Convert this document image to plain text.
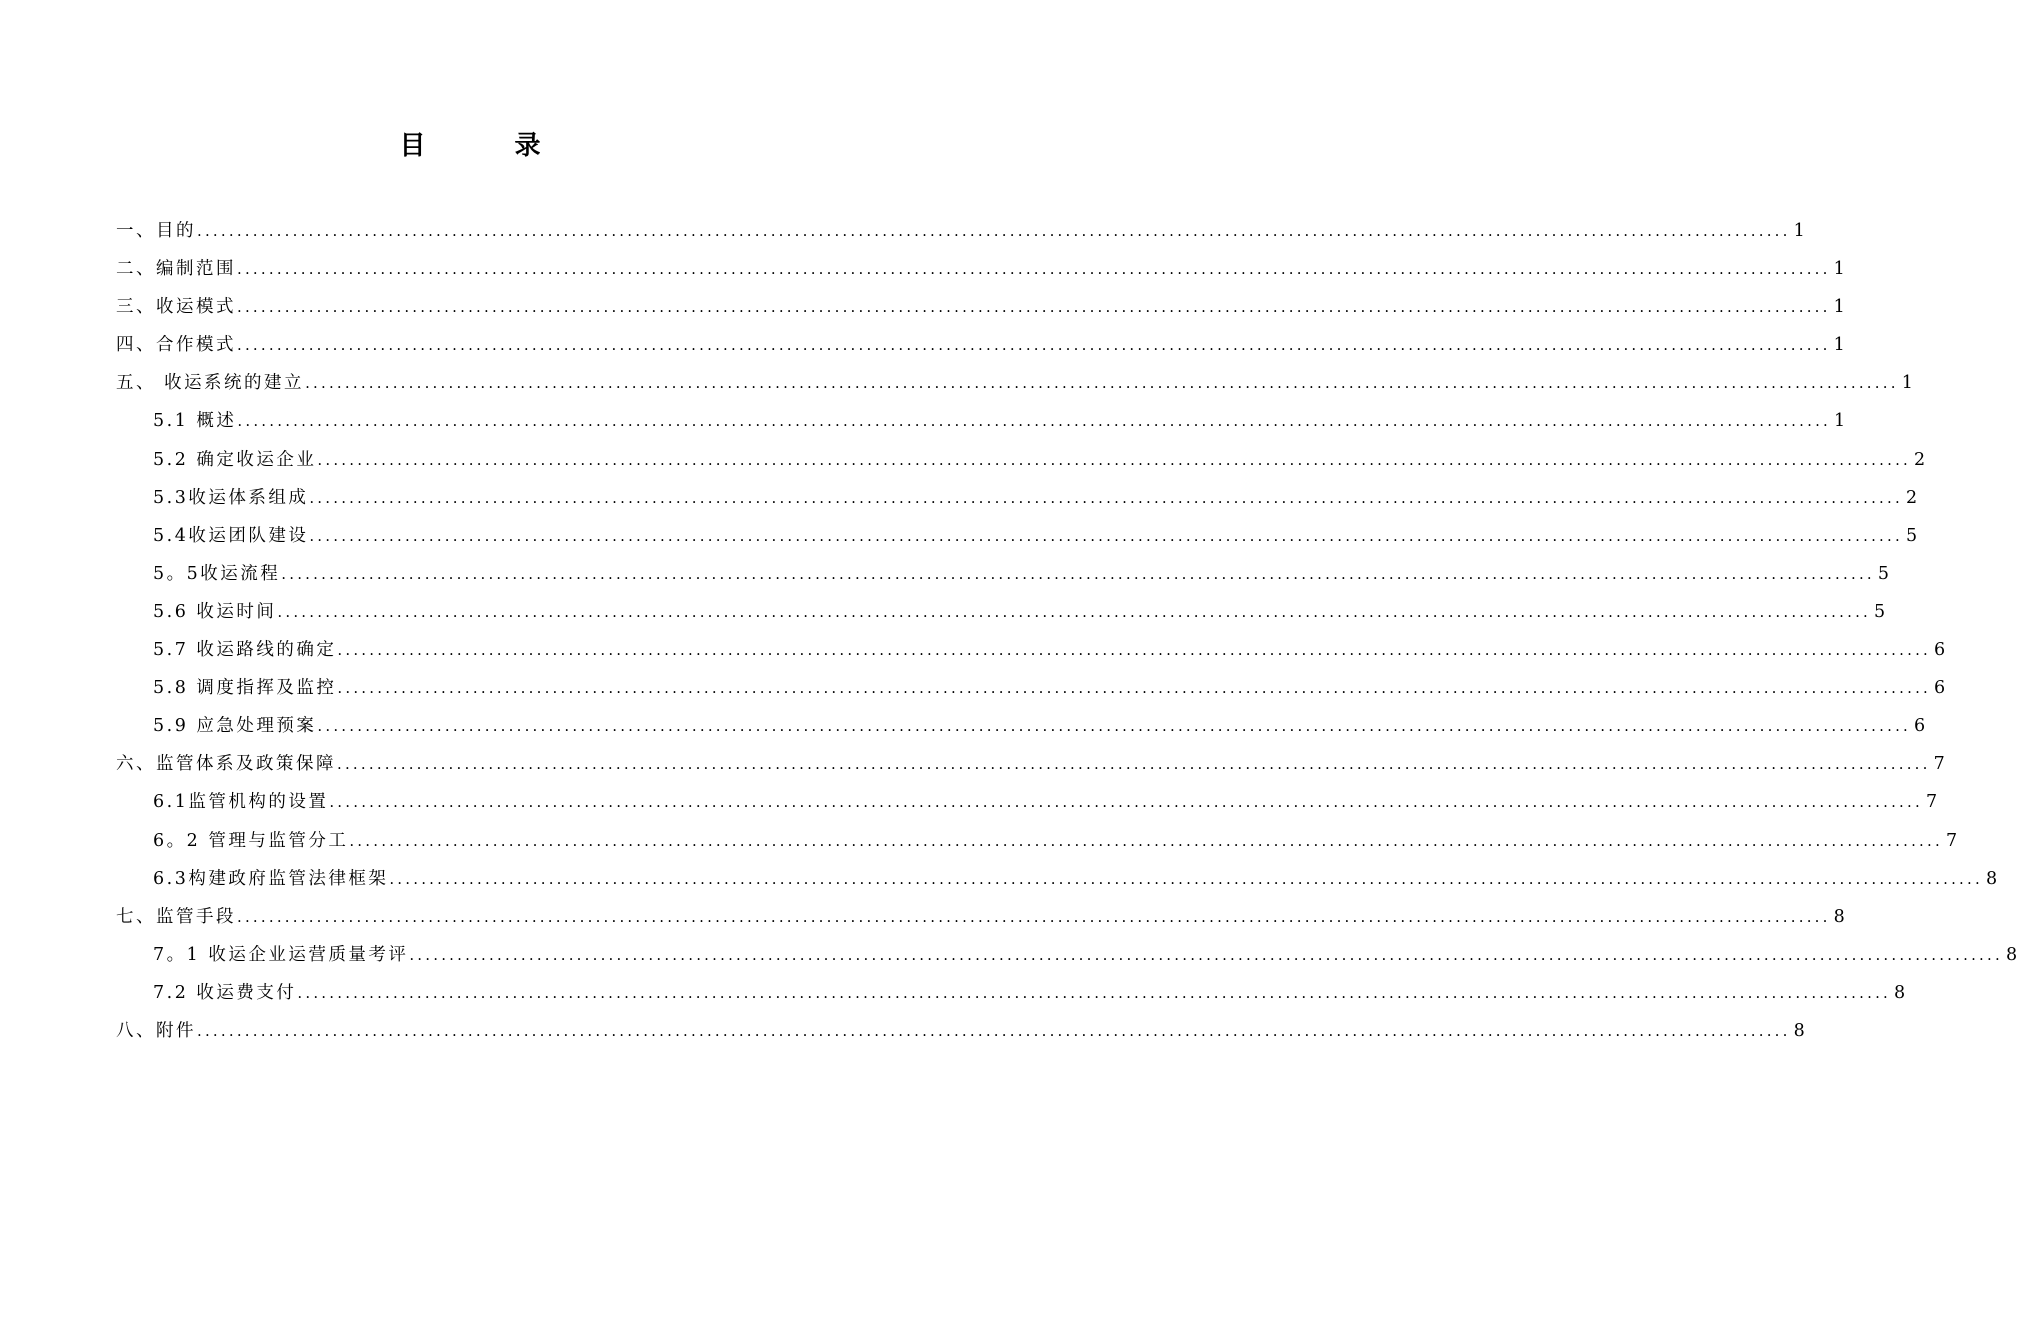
目 录
一、目的 ........................................................................................................................................................................................................ 1
二、编制范围 ........................................................................................................................................................................................................ 1
三、收运模式 ........................................................................................................................................................................................................ 1
四、合作模式 ........................................................................................................................................................................................................ 1
五、 收运系统的建立 ........................................................................................................................................................................................................ 1
5.1 概述 ........................................................................................................................................................................................................ 1
5.2 确定收运企业 ........................................................................................................................................................................................................ 2
5.3收运体系组成 ........................................................................................................................................................................................................ 2
5.4收运团队建设 ........................................................................................................................................................................................................ 5
5。5收运流程 ........................................................................................................................................................................................................ 5
5.6 收运时间 ........................................................................................................................................................................................................ 5
5.7 收运路线的确定 ........................................................................................................................................................................................................ 6
5.8 调度指挥及监控 ........................................................................................................................................................................................................ 6
5.9 应急处理预案 ........................................................................................................................................................................................................ 6
六、监管体系及政策保障 ........................................................................................................................................................................................................ 7
6.1监管机构的设置 ........................................................................................................................................................................................................ 7
6。2 管理与监管分工 ........................................................................................................................................................................................................ 7
6.3构建政府监管法律框架 ........................................................................................................................................................................................................ 8
七、监管手段 ........................................................................................................................................................................................................ 8
7。1 收运企业运营质量考评 ........................................................................................................................................................................................................ 8
7.2 收运费支付 ........................................................................................................................................................................................................ 8
八、附件 ........................................................................................................................................................................................................ 8
